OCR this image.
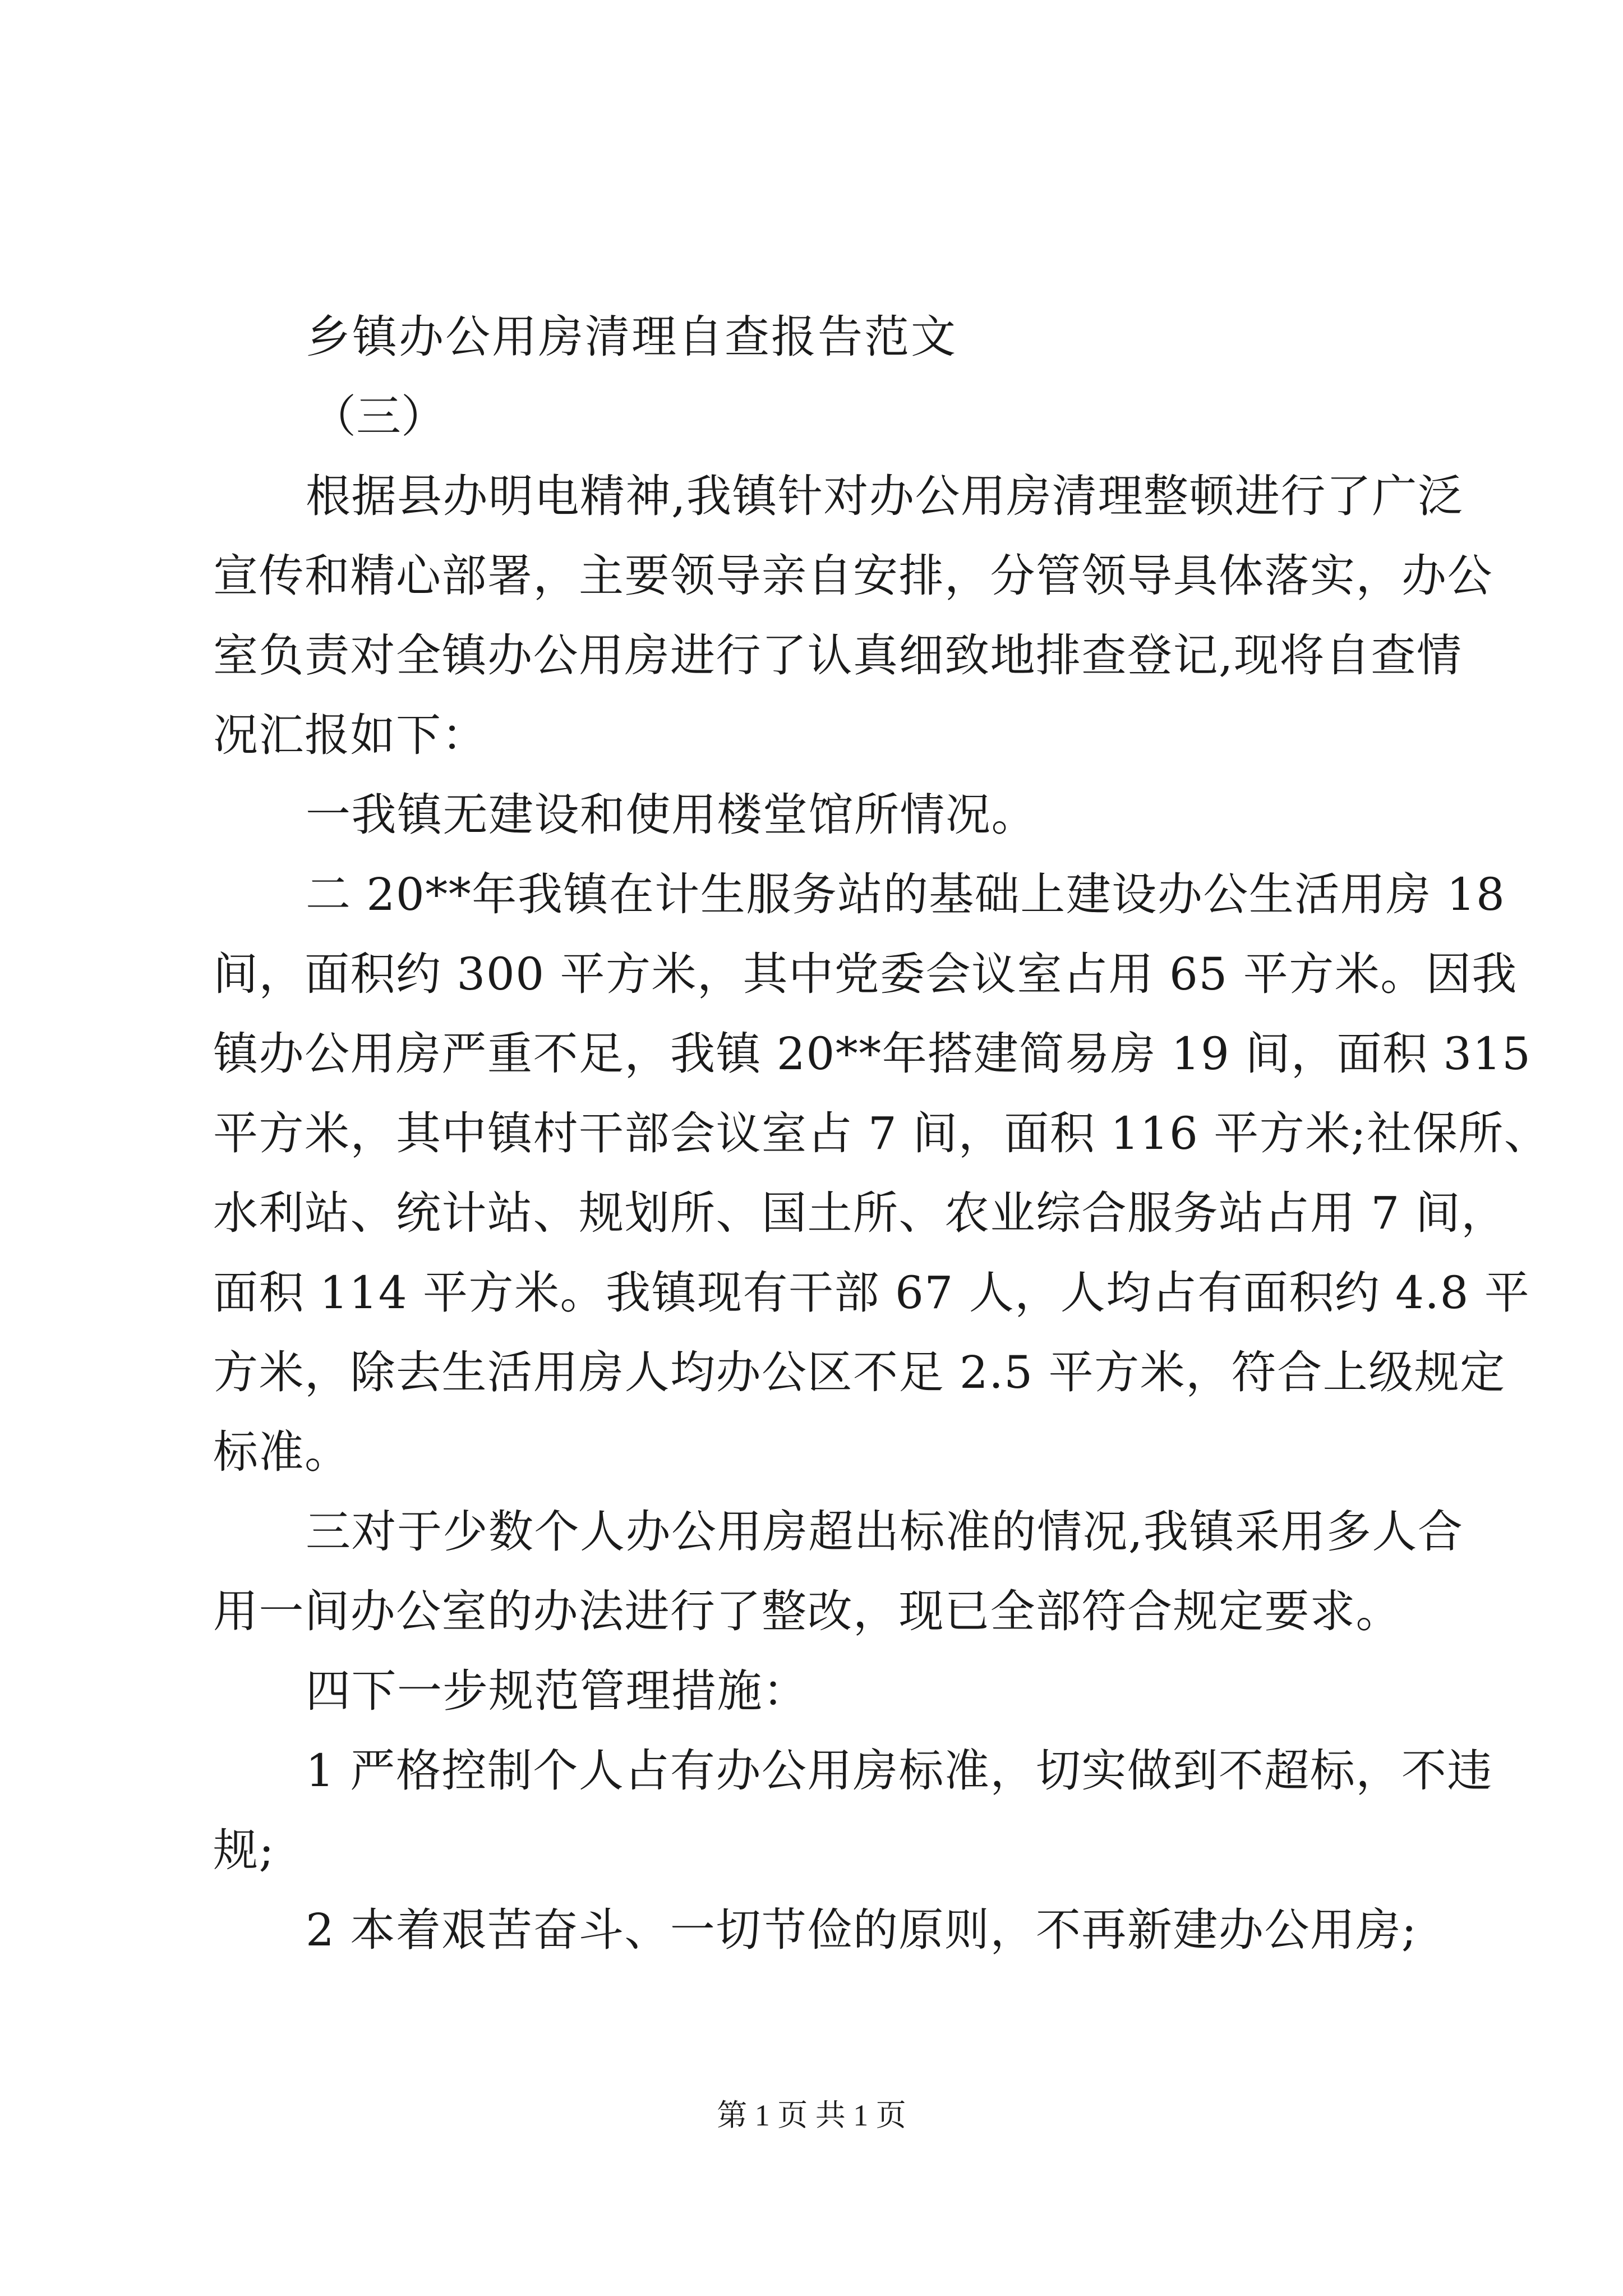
乡镇办公用房清理自查报告范文
（三）
根据县办明电精神,我镇针对办公用房清理整顿进行了广泛
宣传和精心部署，主要领导亲自安排，分管领导具体落实，办公
室负责对全镇办公用房进行了认真细致地排查登记,现将自查情
况汇报如下：
一我镇无建设和使用楼堂馆所情况。
二 20**年我镇在计生服务站的基础上建设办公生活用房 18
间，面积约 300 平方米，其中党委会议室占用 65 平方米。因我
镇办公用房严重不足，我镇 20**年搭建简易房 19 间，面积 315
平方米，其中镇村干部会议室占 7 间，面积 116 平方米;社保所、
水利站、统计站、规划所、国土所、农业综合服务站占用 7 间，
面积 114 平方米。我镇现有干部 67 人，人均占有面积约 4.8 平
方米，除去生活用房人均办公区不足 2.5 平方米，符合上级规定
标准。
三对于少数个人办公用房超出标准的情况,我镇采用多人合
用一间办公室的办法进行了整改，现已全部符合规定要求。
四下一步规范管理措施：
1 严格控制个人占有办公用房标准，切实做到不超标，不违
规;
2 本着艰苦奋斗、一切节俭的原则，不再新建办公用房;
第 1 页 共 1 页
